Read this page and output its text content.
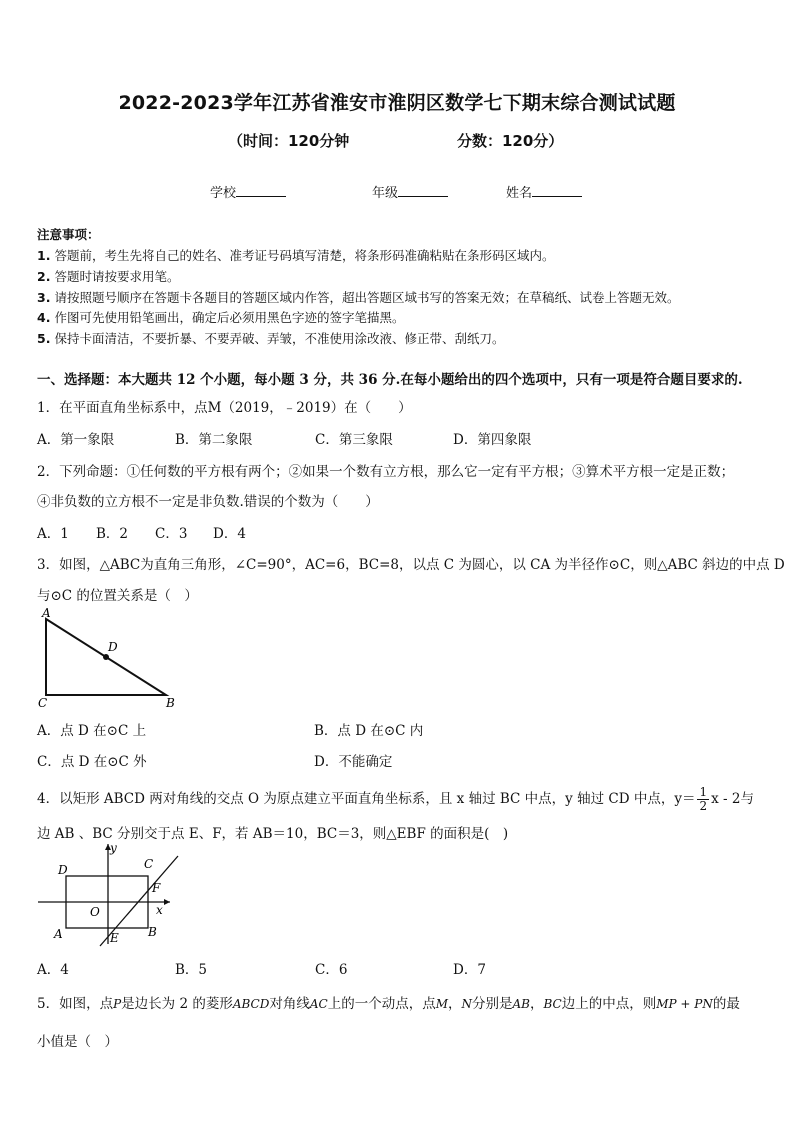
2022-2023学年江苏省淮安市淮阴区数学七下期末综合测试试题
（时间：120分钟	分数：120分）
学校	年级	姓名
注意事项：
1. 答题前，考生先将自己的姓名、准考证号码填写清楚，将条形码准确粘贴在条形码区域内。
2. 答题时请按要求用笔。
3. 请按照题号顺序在答题卡各题目的答题区域内作答，超出答题区域书写的答案无效；在草稿纸、试卷上答题无效。
4. 作图可先使用铅笔画出，确定后必须用黑色字迹的签字笔描黑。
5. 保持卡面清洁，不要折暴、不要弄破、弄皱，不准使用涂改液、修正带、刮纸刀。
一、选择题：本大题共 12 个小题，每小题 3 分，共 36 分.在每小题给出的四个选项中，只有一项是符合题目要求的.
1．在平面直角坐标系中，点M（2019，﹣2019）在（　　）
A．第一象限	B．第二象限	C．第三象限	D．第四象限
2．下列命题：①任何数的平方根有两个；②如果一个数有立方根，那么它一定有平方根；③算术平方根一定是正数；
④非负数的立方根不一定是非负数.错误的个数为（　　）
A．1 B．2 C．3 D．4
3．如图，△ABC为直角三角形，∠C=90°，AC=6，BC=8，以点 C 为圆心，以 CA 为半径作⊙C，则△ABC 斜边的中点 D
与⊙C 的位置关系是（　）
A
D
C	B
A．点 D 在⊙C 上	B．点 D 在⊙C 内
C．点 D 在⊙C 外	D．不能确定
4．以矩形 ABCD 两对角线的交点 O 为原点建立平面直角坐标系，且 x 轴过 BC 中点，y 轴过 CD 中点，$y= \frac{1}{2}$ x - 2与
边 AB 、BC 分别交于点 E、F，若 AB＝10，BC＝3，则△EBF 的面积是(　)
D	C
F
O	x
y
A	E B
A．4	B．5	C．6	D．7
5．如图，点P是边长为 2 的菱形ABCD对角线AC上的一个动点，点M，N分别是AB，BC边上的中点，则MP + PN的最
小值是（　）
